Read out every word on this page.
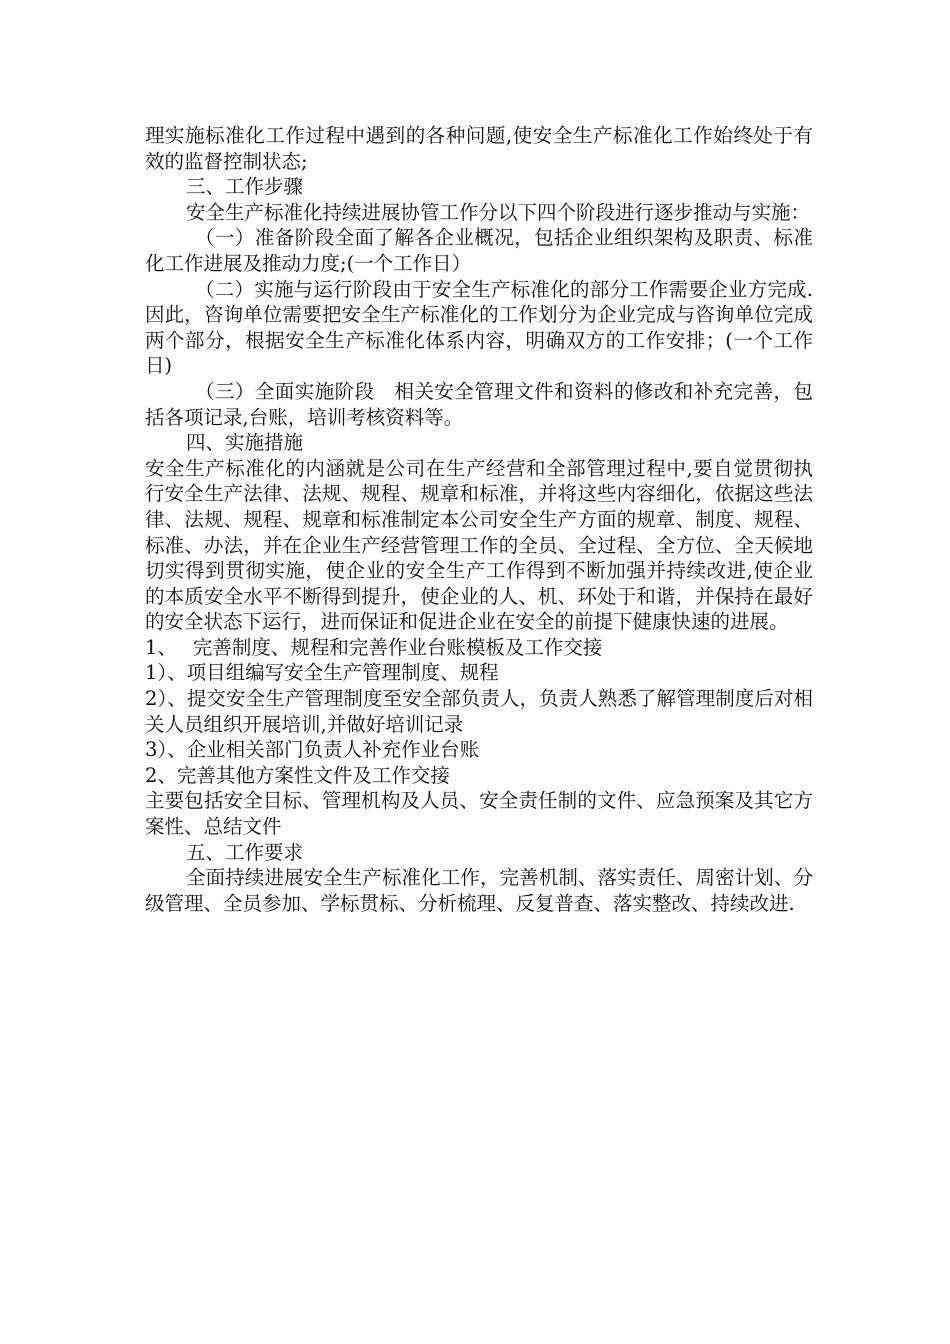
理实施标准化工作过程中遇到的各种问题,使安全生产标准化工作始终处于有效的监督控制状态;

三、工作步骤

安全生产标准化持续进展协管工作分以下四个阶段进行逐步推动与实施：

（一）准备阶段全面了解各企业概况，包括企业组织架构及职责、标准化工作进展及推动力度;(一个工作日）

（二）实施与运行阶段由于安全生产标准化的部分工作需要企业方完成.因此，咨询单位需要把安全生产标准化的工作划分为企业完成与咨询单位完成两个部分，根据安全生产标准化体系内容，明确双方的工作安排；(一个工作日)

（三）全面实施阶段　相关安全管理文件和资料的修改和补充完善，包括各项记录,台账，培训考核资料等。

四、实施措施

安全生产标准化的内涵就是公司在生产经营和全部管理过程中,要自觉贯彻执行安全生产法律、法规、规程、规章和标准，并将这些内容细化，依据这些法律、法规、规程、规章和标准制定本公司安全生产方面的规章、制度、规程、标准、办法，并在企业生产经营管理工作的全员、全过程、全方位、全天候地切实得到贯彻实施，使企业的安全生产工作得到不断加强并持续改进,使企业的本质安全水平不断得到提升，使企业的人、机、环处于和谐，并保持在最好的安全状态下运行，进而保证和促进企业在安全的前提下健康快速的进展。

1、　 完善制度、规程和完善作业台账模板及工作交接

1）、项目组编写安全生产管理制度、规程

2）、提交安全生产管理制度至安全部负责人，负责人熟悉了解管理制度后对相关人员组织开展培训,并做好培训记录

3）、企业相关部门负责人补充作业台账

2、完善其他方案性文件及工作交接

主要包括安全目标、管理机构及人员、安全责任制的文件、应急预案及其它方案性、总结文件

五、工作要求

全面持续进展安全生产标准化工作，完善机制、落实责任、周密计划、分级管理、全员参加、学标贯标、分析梳理、反复普查、落实整改、持续改进.
